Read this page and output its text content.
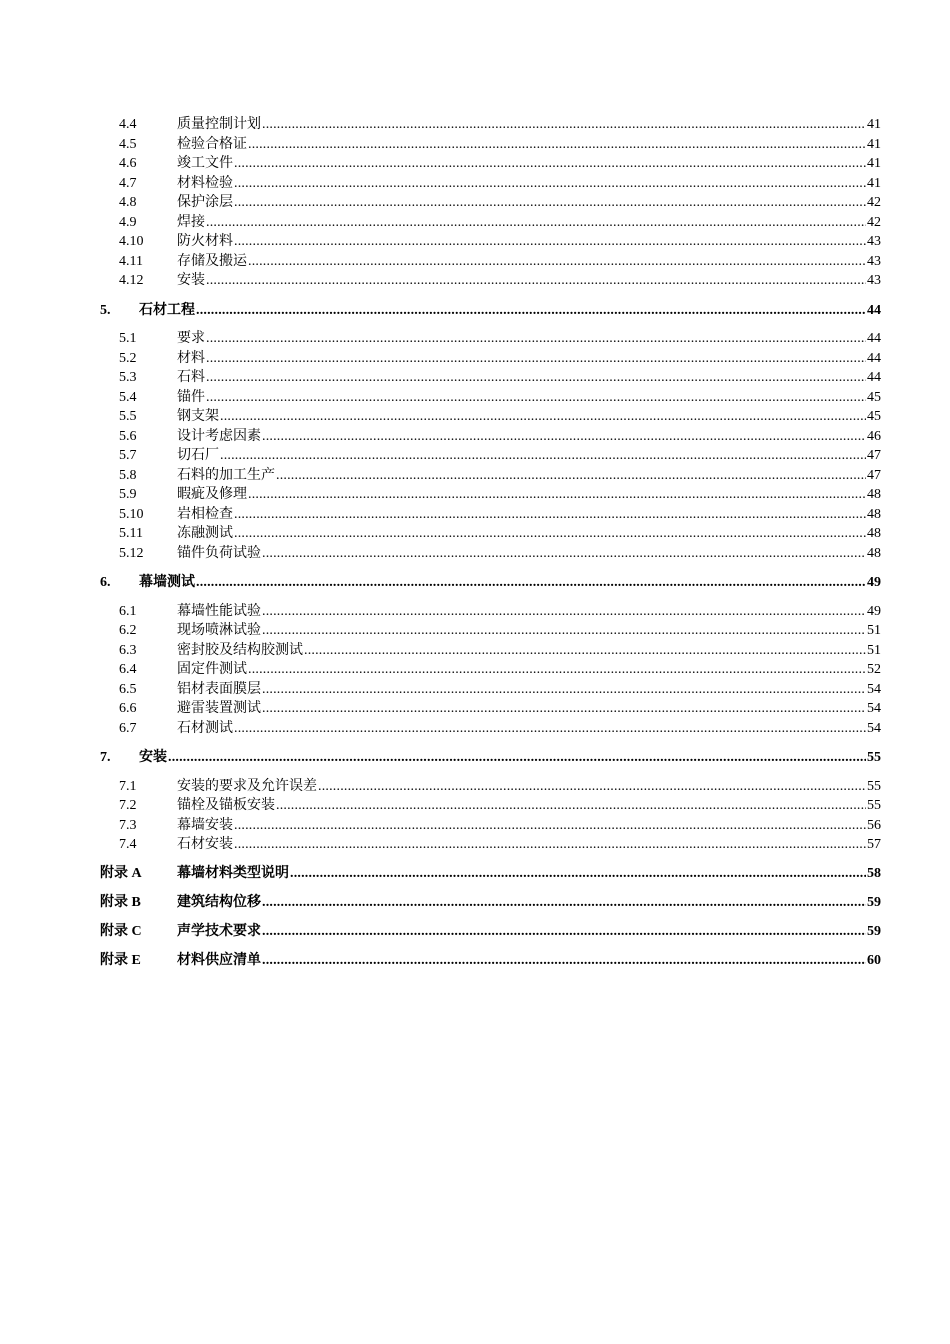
4.4	质量控制计划 .....	41
4.5	检验合格证 .....	41
4.6	竣工文件 .....	41
4.7	材料检验 .....	41
4.8	保护涂层 .....	42
4.9	焊接 .....	42
4.10 防火材料 .....	43
4.11 存储及搬运 .....	43
4.12 安装 .....	43
5. 石材工程 .....	44
5.1	要求 .....	44
5.2	材料 .....	44
5.3	石料 .....	44
5.4	锚件 .....	45
5.5	钢支架 .....	45
5.6	设计考虑因素 .....	46
5.7	切石厂 .....	47
5.8	石料的加工生产 .....	47
5.9	暇疵及修理 .....	48
5.10 岩相检查 .....	48
5.11 冻融测试 .....	48
5.12 锚件负荷试验 .....	48
6. 幕墙测试 .....	49
6.1	幕墙性能试验 .....	49
6.2	现场喷淋试验 .....	51
6.3	密封胶及结构胶测试 .....	51
6.4	固定件测试 .....	52
6.5	铝材表面膜层 .....	54
6.6	避雷装置测试 .....	54
6.7	石材测试 .....	54
7. 安装 .....	55
7.1	安装的要求及允许误差 .....	55
7.2	锚栓及锚板安装 .....	55
7.3	幕墙安装 .....	56
7.4	石材安装 .....	57
附录 A	幕墙材料类型说明 .....	58
附录 B	建筑结构位移 .....	59
附录 C	声学技术要求 .....	59
附录 E	材料供应清单 .....	60
